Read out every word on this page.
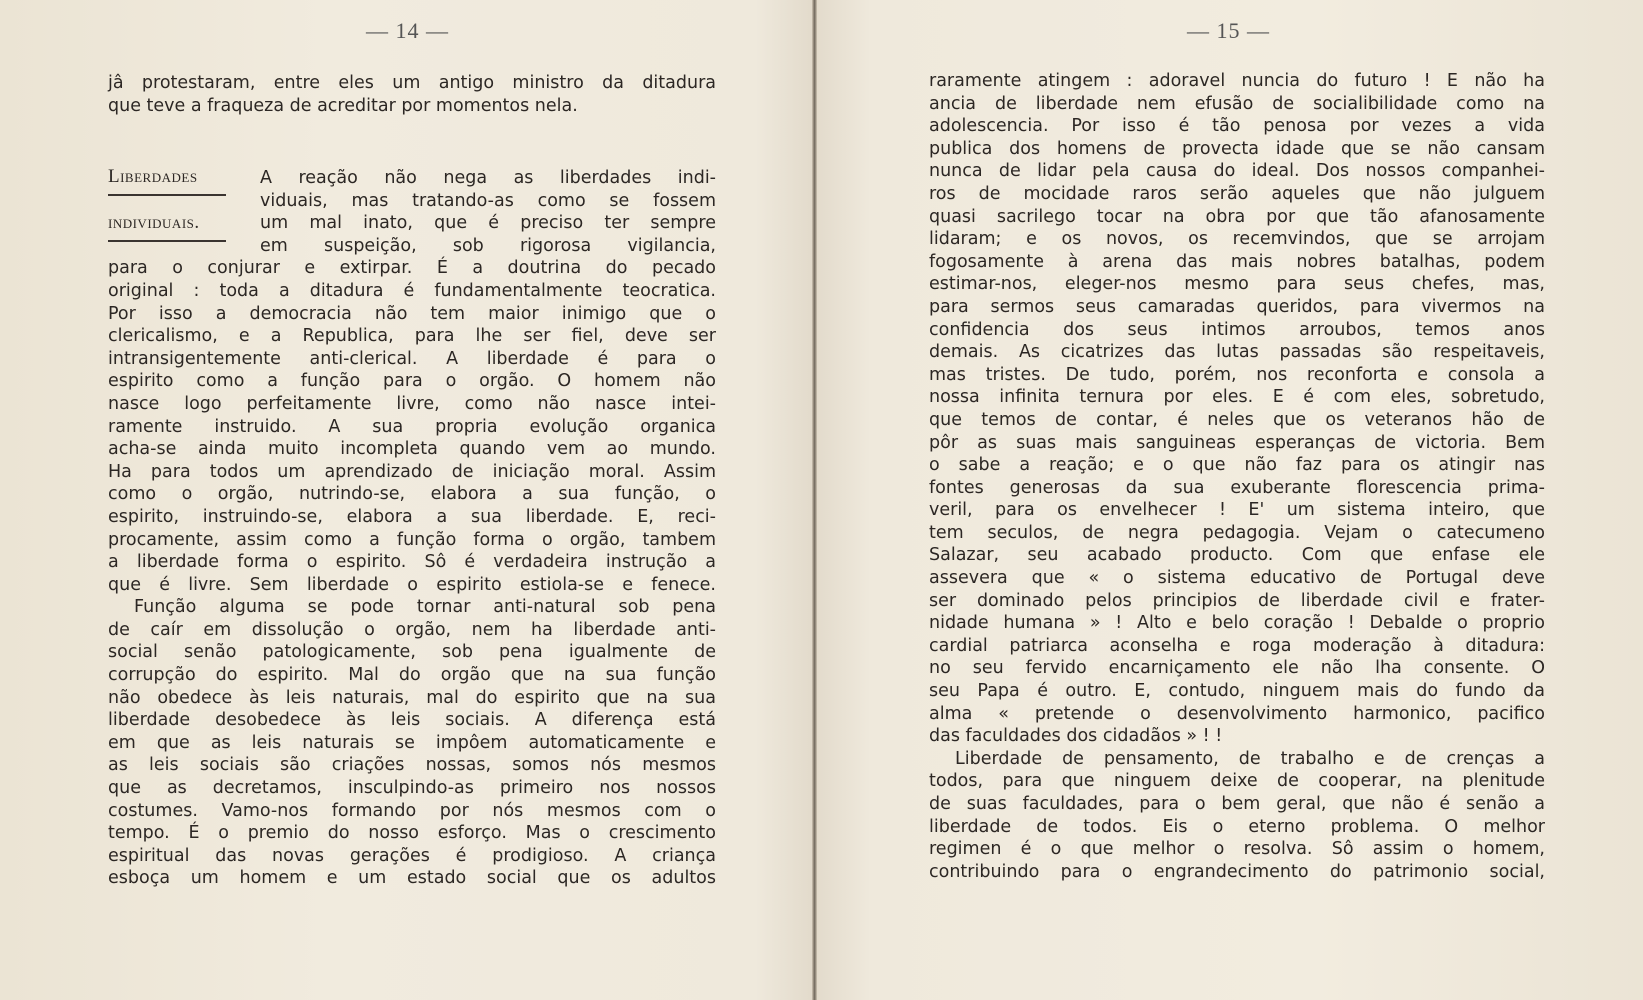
— 14 —
jâ protestaram, entre eles um antigo ministro da ditadura
que teve a fraqueza de acreditar por momentos nela.
Liberdades
individuais.
A reação não nega as liberdades indi-
viduais, mas tratando-as como se fossem
um mal inato, que é preciso ter sempre
em suspeição, sob rigorosa vigilancia,
para o conjurar e extirpar. É a doutrina do pecado
original : toda a ditadura é fundamentalmente teocratica.
Por isso a democracia não tem maior inimigo que o
clericalismo, e a Republica, para lhe ser fiel, deve ser
intransigentemente anti-clerical. A liberdade é para o
espirito como a função para o orgão. O homem não
nasce logo perfeitamente livre, como não nasce intei-
ramente instruido. A sua propria evolução organica
acha-se ainda muito incompleta quando vem ao mundo.
Ha para todos um aprendizado de iniciação moral. Assim
como o orgão, nutrindo-se, elabora a sua função, o
espirito, instruindo-se, elabora a sua liberdade. E, reci-
procamente, assim como a função forma o orgão, tambem
a liberdade forma o espirito. Sô é verdadeira instrução a
que é livre. Sem liberdade o espirito estiola-se e fenece.
Função alguma se pode tornar anti-natural sob pena
de caír em dissolução o orgão, nem ha liberdade anti-
social senão patologicamente, sob pena igualmente de
corrupção do espirito. Mal do orgão que na sua função
não obedece às leis naturais, mal do espirito que na sua
liberdade desobedece às leis sociais. A diferença está
em que as leis naturais se impôem automaticamente e
as leis sociais são criações nossas, somos nós mesmos
que as decretamos, insculpindo-as primeiro nos nossos
costumes. Vamo-nos formando por nós mesmos com o
tempo. É o premio do nosso esforço. Mas o crescimento
espiritual das novas gerações é prodigioso. A criança
esboça um homem e um estado social que os adultos
— 15 —
raramente atingem : adoravel nuncia do futuro ! E não ha
ancia de liberdade nem efusão de socialibilidade como na
adolescencia. Por isso é tão penosa por vezes a vida
publica dos homens de provecta idade que se não cansam
nunca de lidar pela causa do ideal. Dos nossos companhei-
ros de mocidade raros serão aqueles que não julguem
quasi sacrilego tocar na obra por que tão afanosamente
lidaram; e os novos, os recemvindos, que se arrojam
fogosamente à arena das mais nobres batalhas, podem
estimar-nos, eleger-nos mesmo para seus chefes, mas,
para sermos seus camaradas queridos, para vivermos na
confidencia dos seus intimos arroubos, temos anos
demais. As cicatrizes das lutas passadas são respeitaveis,
mas tristes. De tudo, porém, nos reconforta e consola a
nossa infinita ternura por eles. E é com eles, sobretudo,
que temos de contar, é neles que os veteranos hão de
pôr as suas mais sanguineas esperanças de victoria. Bem
o sabe a reação; e o que não faz para os atingir nas
fontes generosas da sua exuberante florescencia prima-
veril, para os envelhecer ! E' um sistema inteiro, que
tem seculos, de negra pedagogia. Vejam o catecumeno
Salazar, seu acabado producto. Com que enfase ele
assevera que « o sistema educativo de Portugal deve
ser dominado pelos principios de liberdade civil e frater-
nidade humana » ! Alto e belo coração ! Debalde o proprio
cardial patriarca aconselha e roga moderação à ditadura:
no seu fervido encarniçamento ele não lha consente. O
seu Papa é outro. E, contudo, ninguem mais do fundo da
alma « pretende o desenvolvimento harmonico, pacifico
das faculdades dos cidadãos » ! !
Liberdade de pensamento, de trabalho e de crenças a
todos, para que ninguem deixe de cooperar, na plenitude
de suas faculdades, para o bem geral, que não é senão a
liberdade de todos. Eis o eterno problema. O melhor
regimen é o que melhor o resolva. Sô assim o homem,
contribuindo para o engrandecimento do patrimonio social,
